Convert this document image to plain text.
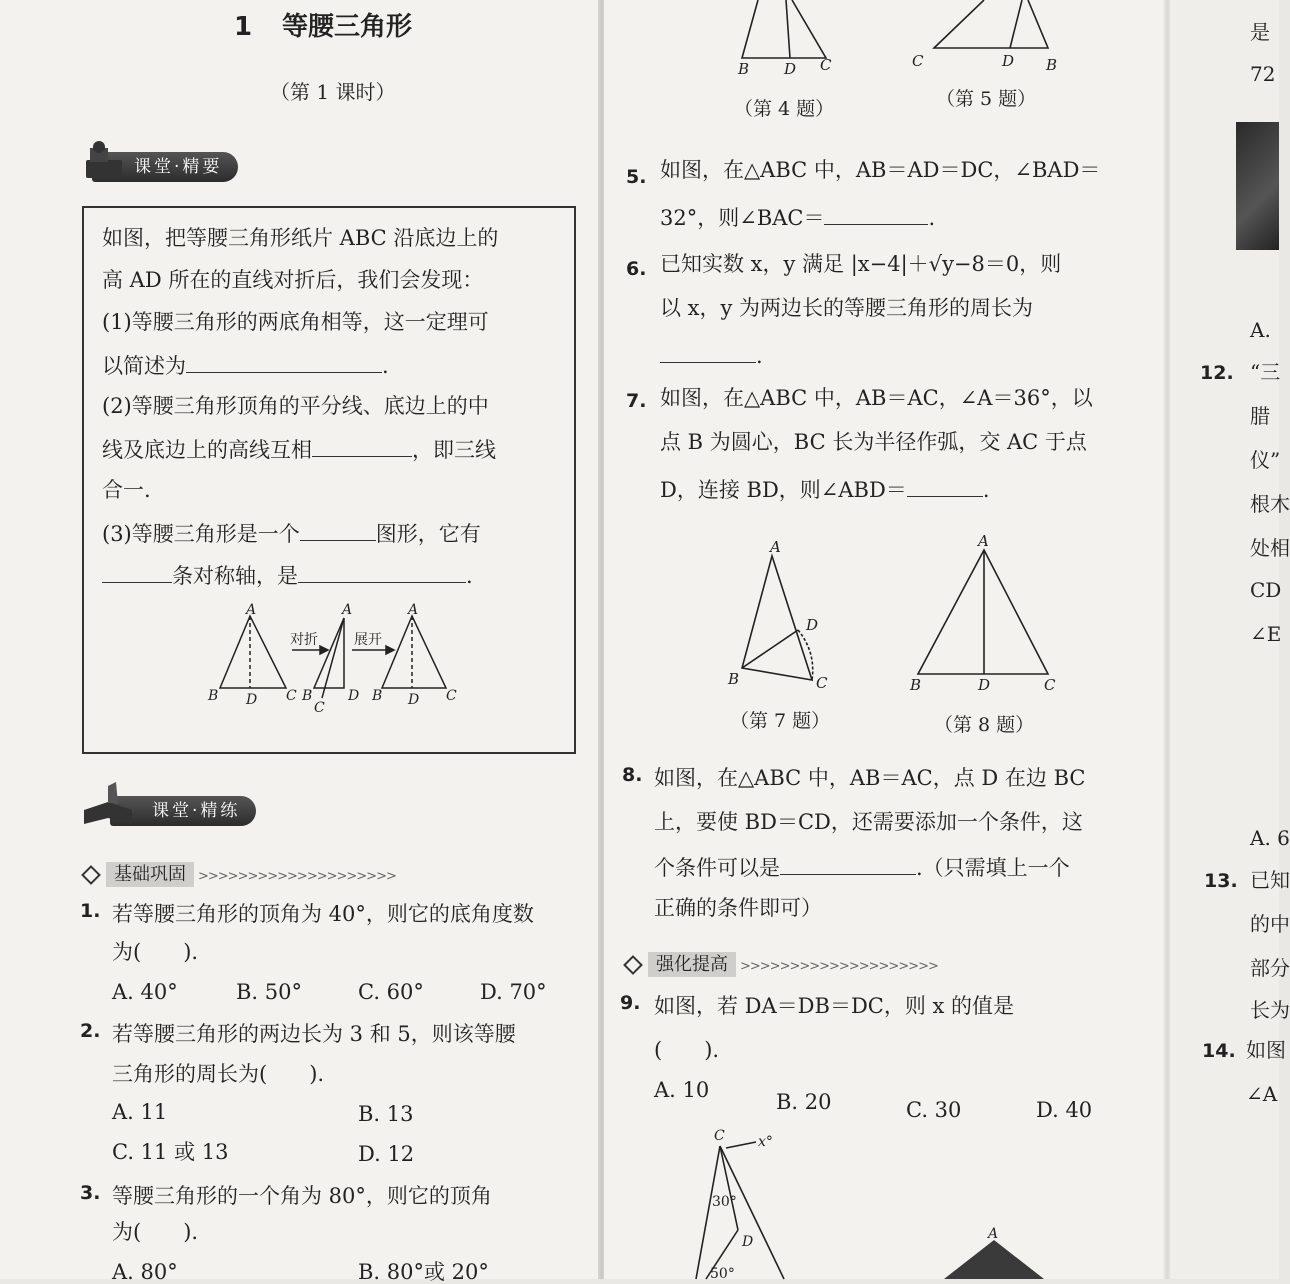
1 等腰三角形
（第 1 课时）
课堂·精要
如图，把等腰三角形纸片 ABC 沿底边上的
高 AD 所在的直线对折后，我们会发现：
(1)等腰三角形的两底角相等，这一定理可
以简述为	.
(2)等腰三角形顶角的平分线、底边上的中
线及底边上的高线互相	，即三线
合一.
(3)等腰三角形是一个	图形，它有
条对称轴，是	.
A
B D C
A
B	D
C
A
B D C
对折	展开
课堂·精练
基础巩固 >>>>>>>>>>>>>>>>>>>>
1. 若等腰三角形的顶角为 40°，则它的底角度数
为(　　).
A. 40°	B. 50°	C. 60°	D. 70°
2. 若等腰三角形的两边长为 3 和 5，则该等腰
三角形的周长为(　　).
A. 11	B. 13
C. 11 或 13	D. 12
3. 等腰三角形的一个角为 80°，则它的顶角
为(　　).
A. 80°	B. 80°或 20°
B D C
（第 4 题）
C	D B
（第 5 题）
5. 如图，在△ABC 中，AB＝AD＝DC，∠BAD＝
32°，则∠BAC＝	.
6. 已知实数 x，y 满足 |x−4|＋√y−8＝0，则
以 x，y 为两边长的等腰三角形的周长为
.
7. 如图，在△ABC 中，AB＝AC，∠A＝36°，以
点 B 为圆心，BC 长为半径作弧，交 AC 于点
D，连接 BD，则∠ABD＝	.
A
B
D
C
（第 7 题）
A
B	D	C
（第 8 题）
8. 如图，在△ABC 中，AB＝AC，点 D 在边 BC
上，要使 BD＝CD，还需要添加一个条件，这
个条件可以是	.（只需填上一个
正确的条件即可）
强化提高 >>>>>>>>>>>>>>>>>>>>
9. 如图，若 DA＝DB＝DC，则 x 的值是
(　　).
A. 10	B. 20	C. 30	D. 40
C x°
30°
D
50°
A
是
72
A.
12. “三
腊
仪”
根木
处相
CD
∠E
A. 6
13. 已知
的中
部分
长为
14. 如图
∠A
